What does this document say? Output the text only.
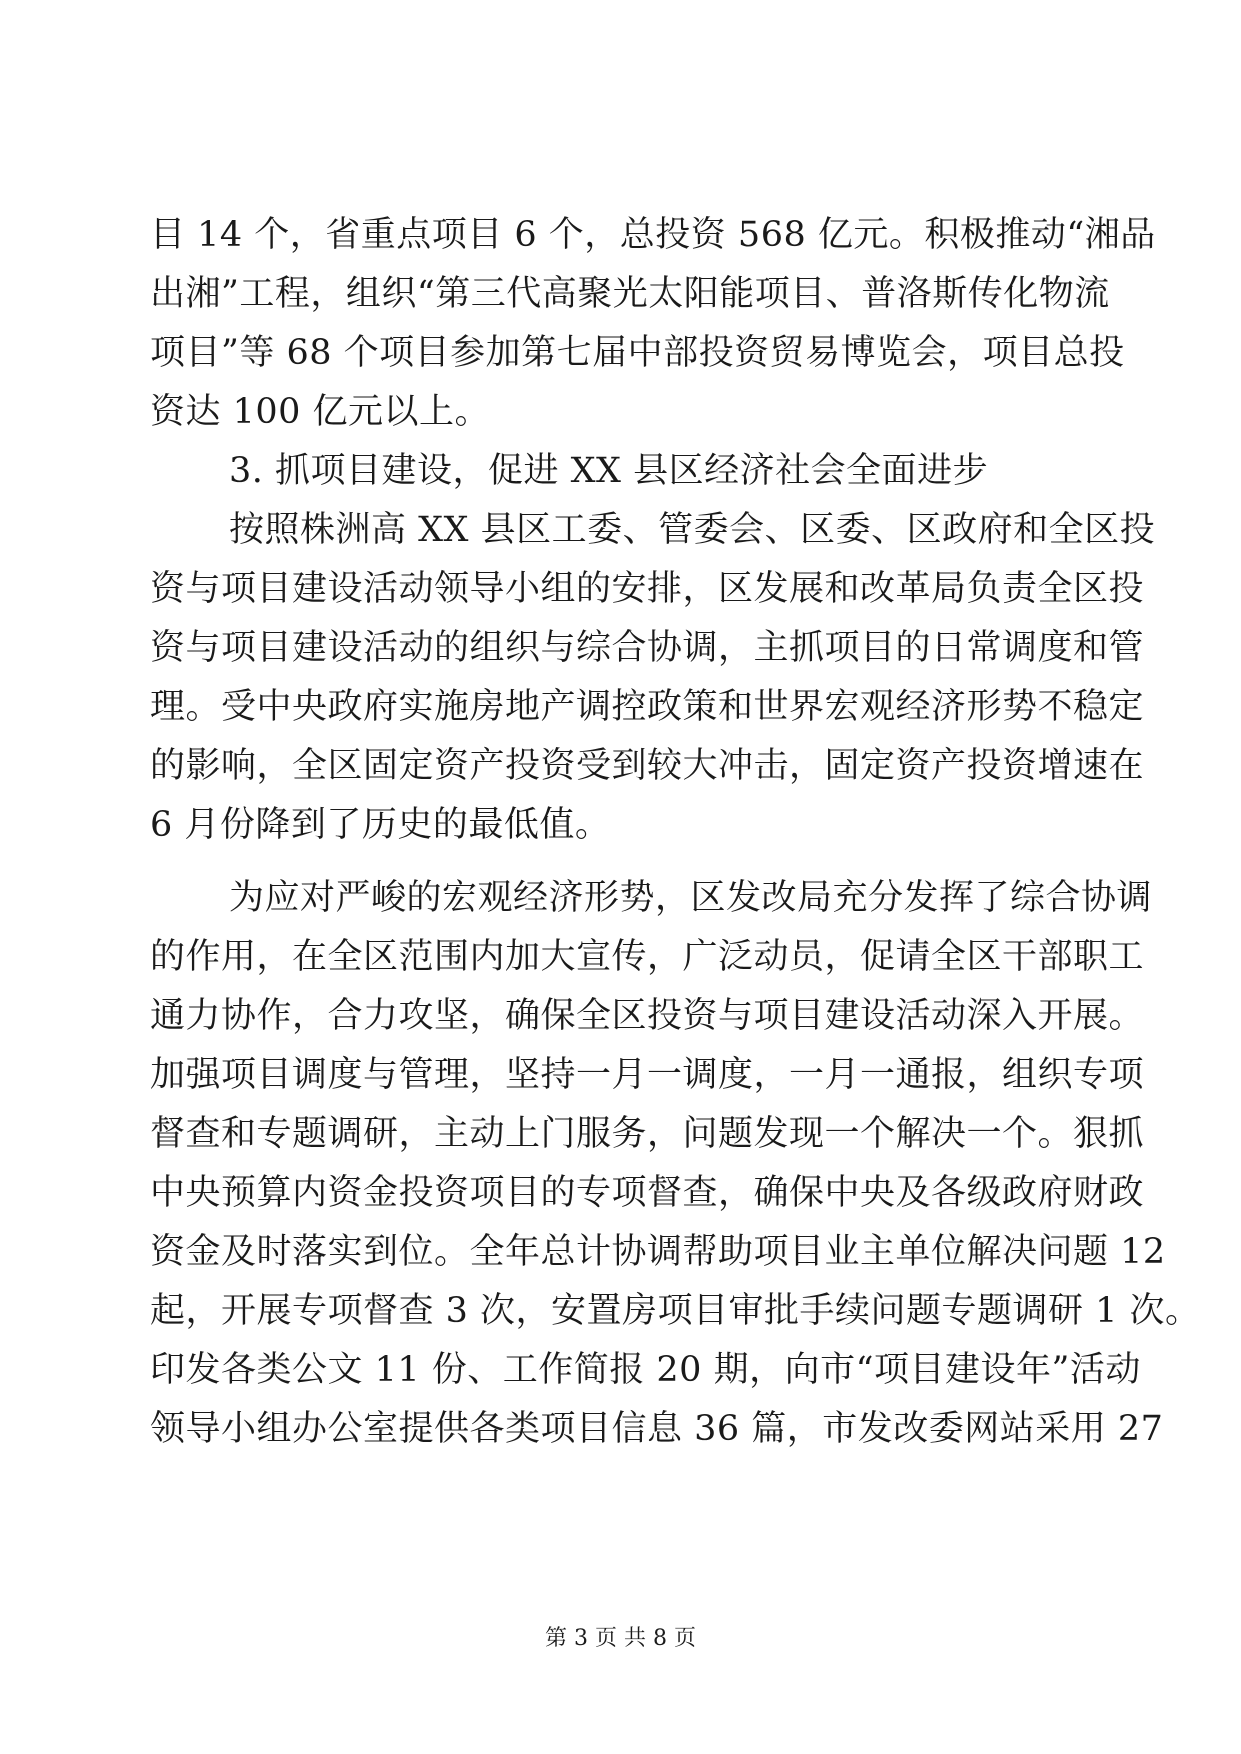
目 14 个，省重点项目 6 个，总投资 568 亿元。积极推动“湘品
出湘”工程，组织“第三代高聚光太阳能项目、普洛斯传化物流
项目”等 68 个项目参加第七届中部投资贸易博览会，项目总投
资达 100 亿元以上。
3. 抓项目建设，促进 XX 县区经济社会全面进步
按照株洲高 XX 县区工委、管委会、区委、区政府和全区投
资与项目建设活动领导小组的安排，区发展和改革局负责全区投
资与项目建设活动的组织与综合协调，主抓项目的日常调度和管
理。受中央政府实施房地产调控政策和世界宏观经济形势不稳定
的影响，全区固定资产投资受到较大冲击，固定资产投资增速在
6 月份降到了历史的最低值。
为应对严峻的宏观经济形势，区发改局充分发挥了综合协调
的作用，在全区范围内加大宣传，广泛动员，促请全区干部职工
通力协作，合力攻坚，确保全区投资与项目建设活动深入开展。
加强项目调度与管理，坚持一月一调度，一月一通报，组织专项
督查和专题调研，主动上门服务，问题发现一个解决一个。狠抓
中央预算内资金投资项目的专项督查，确保中央及各级政府财政
资金及时落实到位。全年总计协调帮助项目业主单位解决问题 12
起，开展专项督查 3 次，安置房项目审批手续问题专题调研 1 次。
印发各类公文 11 份、工作简报 20 期，向市“项目建设年”活动
领导小组办公室提供各类项目信息 36 篇，市发改委网站采用 27
第 3 页 共 8 页
